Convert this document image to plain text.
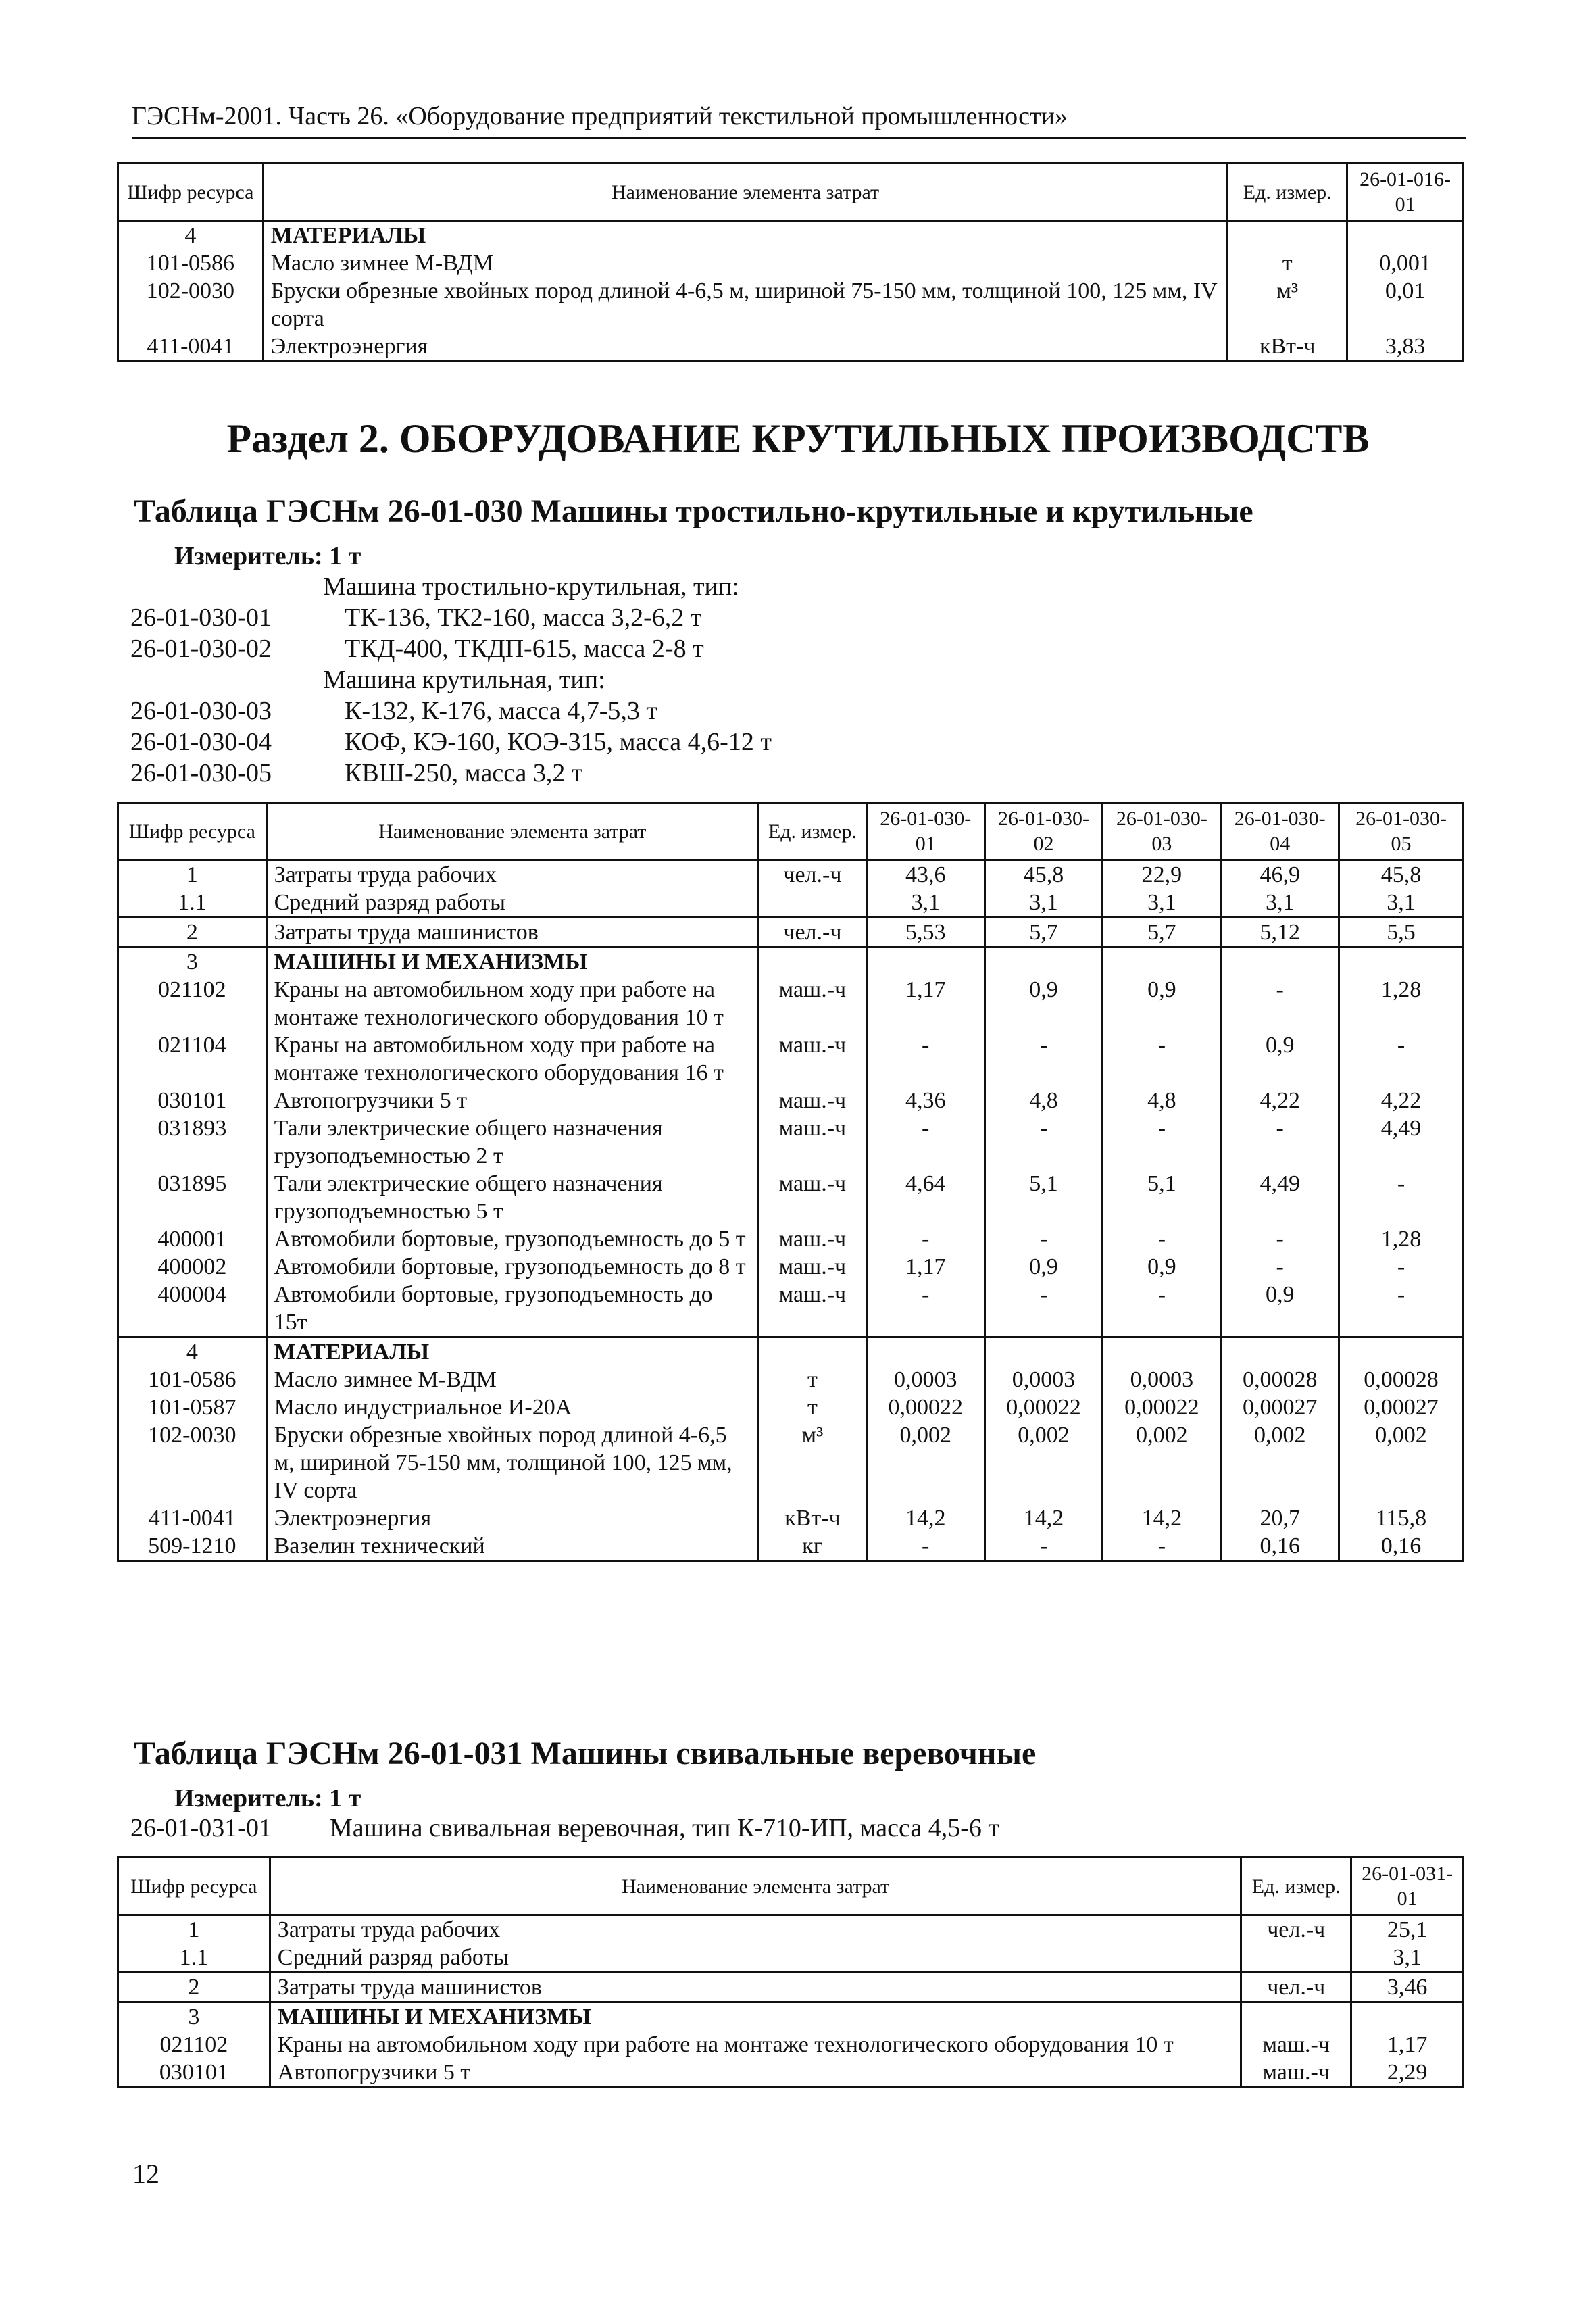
ГЭСНм-2001. Часть 26. «Оборудование предприятий текстильной промышленности»
Шифр ресурса	Наименование элемента затрат	Ед. измер.	26-01-016-01
4	МАТЕРИАЛЫ		
101-0586	Масло зимнее М-ВДМ	т	0,001
102-0030	Бруски обрезные хвойных пород длиной 4-6,5 м, шириной 75-150 мм, толщиной 100, 125 мм, IV сорта	м³	0,01
411-0041	Электроэнергия	кВт-ч	3,83
Раздел 2. ОБОРУДОВАНИЕ КРУТИЛЬНЫХ ПРОИЗВОДСТВ
Таблица ГЭСНм 26-01-030 Машины тростильно-крутильные и крутильные
Измеритель: 1 т
Машина тростильно-крутильная, тип:
26-01-030-01	ТК-136, ТК2-160, масса 3,2-6,2 т
26-01-030-02	ТКД-400, ТКДП-615, масса 2-8 т
Машина крутильная, тип:
26-01-030-03	К-132, К-176, масса 4,7-5,3 т
26-01-030-04	КОФ, КЭ-160, КОЭ-315, масса 4,6-12 т
26-01-030-05	КВШ-250, масса 3,2 т
Шифр ресурса	Наименование элемента затрат	Ед. измер.	26-01-030-01	26-01-030-02	26-01-030-03	26-01-030-04	26-01-030-05
1	Затраты труда рабочих	чел.-ч	43,6	45,8	22,9	46,9	45,8
1.1	Средний разряд работы		3,1	3,1	3,1	3,1	3,1
2	Затраты труда машинистов	чел.-ч	5,53	5,7	5,7	5,12	5,5
3	МАШИНЫ И МЕХАНИЗМЫ						
021102	Краны на автомобильном ходу при работе на монтаже технологического оборудования 10 т	маш.-ч	1,17	0,9	0,9	-	1,28
021104	Краны на автомобильном ходу при работе на монтаже технологического оборудования 16 т	маш.-ч	-	-	-	0,9	-
030101	Автопогрузчики 5 т	маш.-ч	4,36	4,8	4,8	4,22	4,22
031893	Тали электрические общего назначения грузоподъемностью 2 т	маш.-ч	-	-	-	-	4,49
031895	Тали электрические общего назначения грузоподъемностью 5 т	маш.-ч	4,64	5,1	5,1	4,49	-
400001	Автомобили бортовые, грузоподъемность до 5 т	маш.-ч	-	-	-	-	1,28
400002	Автомобили бортовые, грузоподъемность до 8 т	маш.-ч	1,17	0,9	0,9	-	-
400004	Автомобили бортовые, грузоподъемность до 15т	маш.-ч	-	-	-	0,9	-
4	МАТЕРИАЛЫ						
101-0586	Масло зимнее М-ВДМ	т	0,0003	0,0003	0,0003	0,00028	0,00028
101-0587	Масло индустриальное И-20А	т	0,00022	0,00022	0,00022	0,00027	0,00027
102-0030	Бруски обрезные хвойных пород длиной 4-6,5 м, шириной 75-150 мм, толщиной 100, 125 мм, IV сорта	м³	0,002	0,002	0,002	0,002	0,002
411-0041	Электроэнергия	кВт-ч	14,2	14,2	14,2	20,7	115,8
509-1210	Вазелин технический	кг	-	-	-	0,16	0,16
Таблица ГЭСНм 26-01-031 Машины свивальные веревочные
Измеритель: 1 т
26-01-031-01 Машина свивальная веревочная, тип К-710-ИП, масса 4,5-6 т
Шифр ресурса	Наименование элемента затрат	Ед. измер.	26-01-031-01
1	Затраты труда рабочих	чел.-ч	25,1
1.1	Средний разряд работы		3,1
2	Затраты труда машинистов	чел.-ч	3,46
3	МАШИНЫ И МЕХАНИЗМЫ		
021102	Краны на автомобильном ходу при работе на монтаже технологического оборудования 10 т	маш.-ч	1,17
030101	Автопогрузчики 5 т	маш.-ч	2,29
12
